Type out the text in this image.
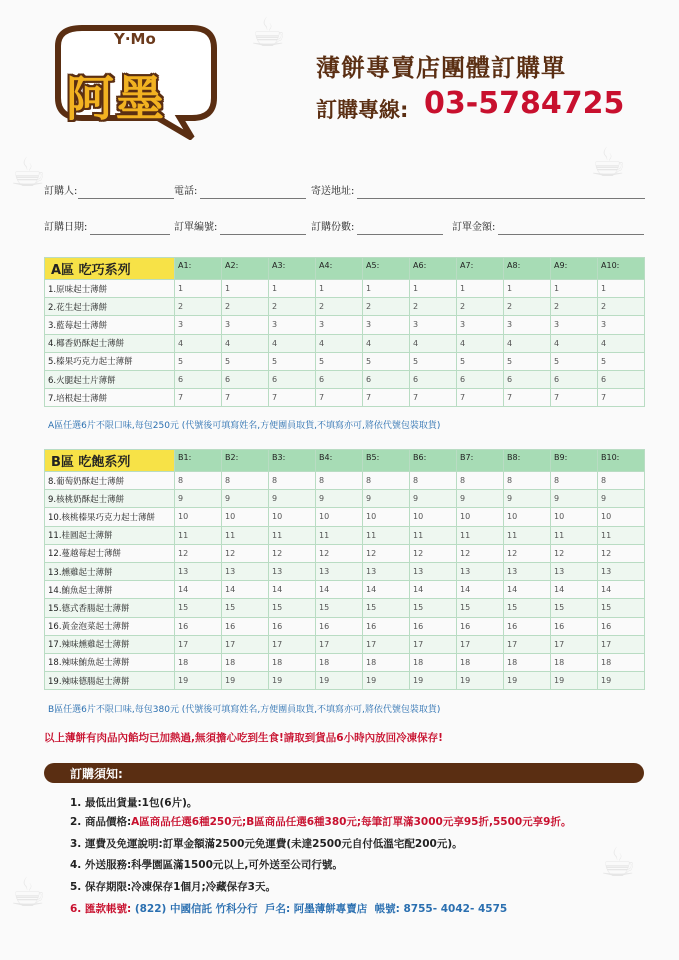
☕
☕
☕
☕
☕
Y·Mo
阿墨
薄餅專賣店團體訂購單
訂購專線: 03-5784725
訂購人:	電話:	寄送地址:
訂購日期:	訂單編號:	訂購份數:	訂單金額:
A區 吃巧系列	A1:	A2:	A3:	A4:	A5:	A6:	A7:	A8:	A9:	A10:
1.原味起士薄餅	1	1	1	1	1	1	1	1	1	1
2.花生起士薄餅	2	2	2	2	2	2	2	2	2	2
3.藍莓起士薄餅	3	3	3	3	3	3	3	3	3	3
4.椰香奶酥起士薄餅	4	4	4	4	4	4	4	4	4	4
5.榛果巧克力起士薄餅	5	5	5	5	5	5	5	5	5	5
6.火腿起士片薄餅	6	6	6	6	6	6	6	6	6	6
7.培根起士薄餅	7	7	7	7	7	7	7	7	7	7
A區任選6片不限口味,每包250元 (代號後可填寫姓名,方便團員取貨,不填寫亦可,將依代號包裝取貨)
B區 吃飽系列	B1:	B2:	B3:	B4:	B5:	B6:	B7:	B8:	B9:	B10:
8.葡萄奶酥起士薄餅	8	8	8	8	8	8	8	8	8	8
9.核桃奶酥起士薄餅	9	9	9	9	9	9	9	9	9	9
10.核桃榛果巧克力起士薄餅	10	10	10	10	10	10	10	10	10	10
11.桂圓起士薄餅	11	11	11	11	11	11	11	11	11	11
12.蔓越莓起士薄餅	12	12	12	12	12	12	12	12	12	12
13.燻雞起士薄餅	13	13	13	13	13	13	13	13	13	13
14.鮪魚起士薄餅	14	14	14	14	14	14	14	14	14	14
15.德式香腸起士薄餅	15	15	15	15	15	15	15	15	15	15
16.黃金泡菜起士薄餅	16	16	16	16	16	16	16	16	16	16
17.辣味燻雞起士薄餅	17	17	17	17	17	17	17	17	17	17
18.辣味鮪魚起士薄餅	18	18	18	18	18	18	18	18	18	18
19.辣味德腸起士薄餅	19	19	19	19	19	19	19	19	19	19
B區任選6片不限口味,每包380元 (代號後可填寫姓名,方便團員取貨,不填寫亦可,將依代號包裝取貨)
以上薄餅有肉品內餡均已加熱過,無須擔心吃到生食!請取到貨品6小時內放回冷凍保存!
訂購須知:
1. 最低出貨量:1包(6片)。
2. 商品價格:A區商品任選6種250元;B區商品任選6種380元;每筆訂單滿3000元享95折,5500元享9折。
3. 運費及免運說明:訂單金額滿2500元免運費(未達2500元自付低溫宅配200元)。
4. 外送服務:科學園區滿1500元以上,可外送至公司行號。
5. 保存期限:冷凍保存1個月;冷藏保存3天。
6. 匯款帳號: (822) 中國信託 竹科分行 戶名: 阿墨薄餅專賣店 帳號: 8755- 4042- 4575
